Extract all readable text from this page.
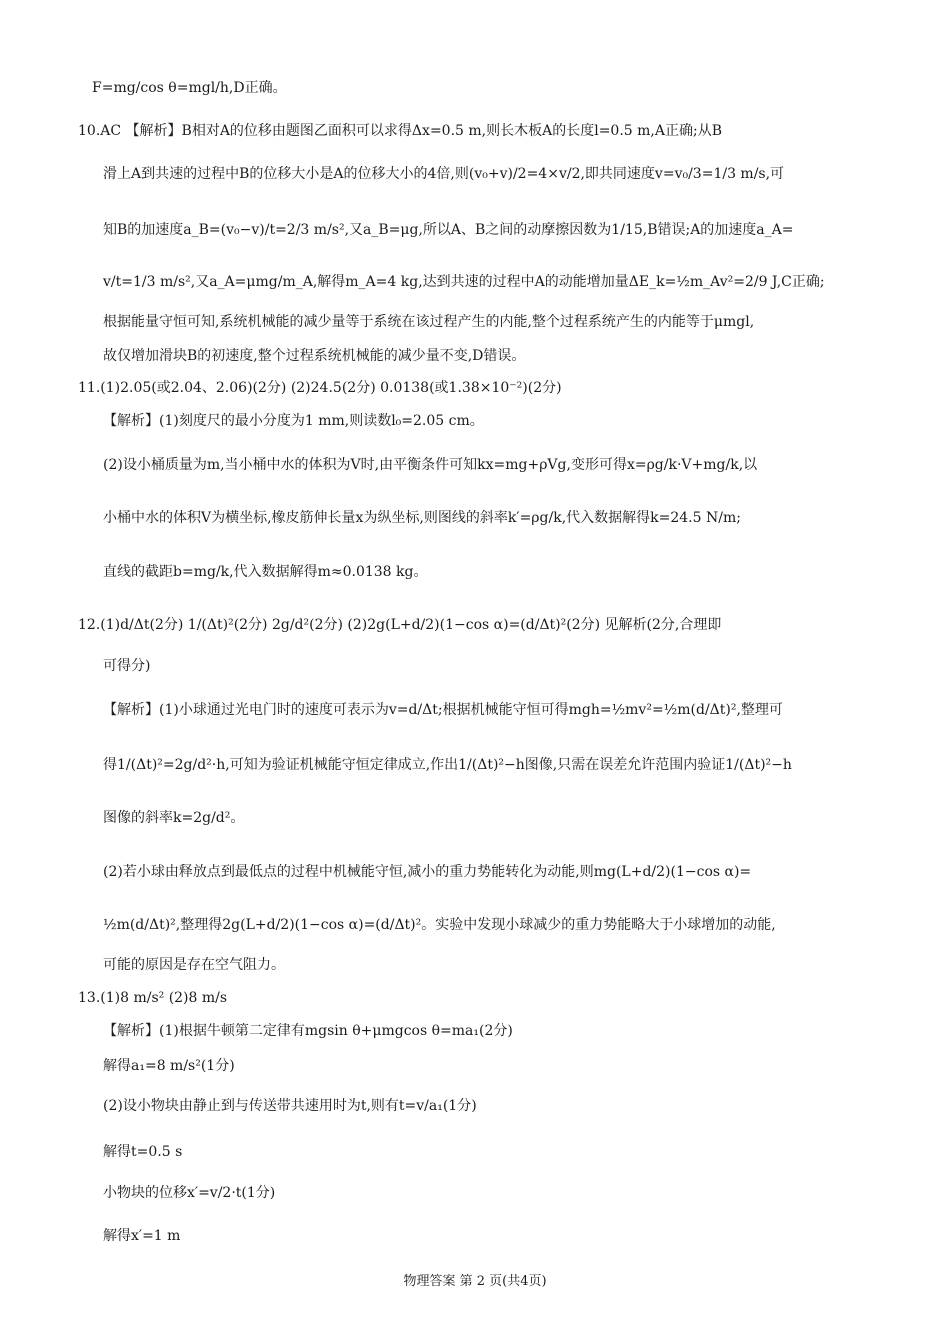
F=mg/cos θ=mgl/h,D正确。
10.AC 【解析】B相对A的位移由题图乙面积可以求得Δx=0.5 m,则长木板A的长度l=0.5 m,A正确;从B
滑上A到共速的过程中B的位移大小是A的位移大小的4倍,则(v₀+v)/2=4×v/2,即共同速度v=v₀/3=1/3 m/s,可
知B的加速度a_B=(v₀−v)/t=2/3 m/s²,又a_B=μg,所以A、B之间的动摩擦因数为1/15,B错误;A的加速度a_A=
v/t=1/3 m/s²,又a_A=μmg/m_A,解得m_A=4 kg,达到共速的过程中A的动能增加量ΔE_k=½m_Av²=2/9 J,C正确;
根据能量守恒可知,系统机械能的减少量等于系统在该过程产生的内能,整个过程系统产生的内能等于μmgl,
故仅增加滑块B的初速度,整个过程系统机械能的减少量不变,D错误。
11.(1)2.05(或2.04、2.06)(2分) (2)24.5(2分) 0.0138(或1.38×10⁻²)(2分)
【解析】(1)刻度尺的最小分度为1 mm,则读数l₀=2.05 cm。
(2)设小桶质量为m,当小桶中水的体积为V时,由平衡条件可知kx=mg+ρVg,变形可得x=ρg/k·V+mg/k,以
小桶中水的体积V为横坐标,橡皮筋伸长量x为纵坐标,则图线的斜率k′=ρg/k,代入数据解得k=24.5 N/m;
直线的截距b=mg/k,代入数据解得m≈0.0138 kg。
12.(1)d/Δt(2分) 1/(Δt)²(2分) 2g/d²(2分) (2)2g(L+d/2)(1−cos α)=(d/Δt)²(2分) 见解析(2分,合理即
可得分)
【解析】(1)小球通过光电门时的速度可表示为v=d/Δt;根据机械能守恒可得mgh=½mv²=½m(d/Δt)²,整理可
得1/(Δt)²=2g/d²·h,可知为验证机械能守恒定律成立,作出1/(Δt)²−h图像,只需在误差允许范围内验证1/(Δt)²−h
图像的斜率k=2g/d²。
(2)若小球由释放点到最低点的过程中机械能守恒,减小的重力势能转化为动能,则mg(L+d/2)(1−cos α)=
½m(d/Δt)²,整理得2g(L+d/2)(1−cos α)=(d/Δt)²。实验中发现小球减少的重力势能略大于小球增加的动能,
可能的原因是存在空气阻力。
13.(1)8 m/s² (2)8 m/s
【解析】(1)根据牛顿第二定律有mgsin θ+μmgcos θ=ma₁(2分)
解得a₁=8 m/s²(1分)
(2)设小物块由静止到与传送带共速用时为t,则有t=v/a₁(1分)
解得t=0.5 s
小物块的位移x′=v/2·t(1分)
解得x′=1 m
物理答案 第 2 页(共4页)
